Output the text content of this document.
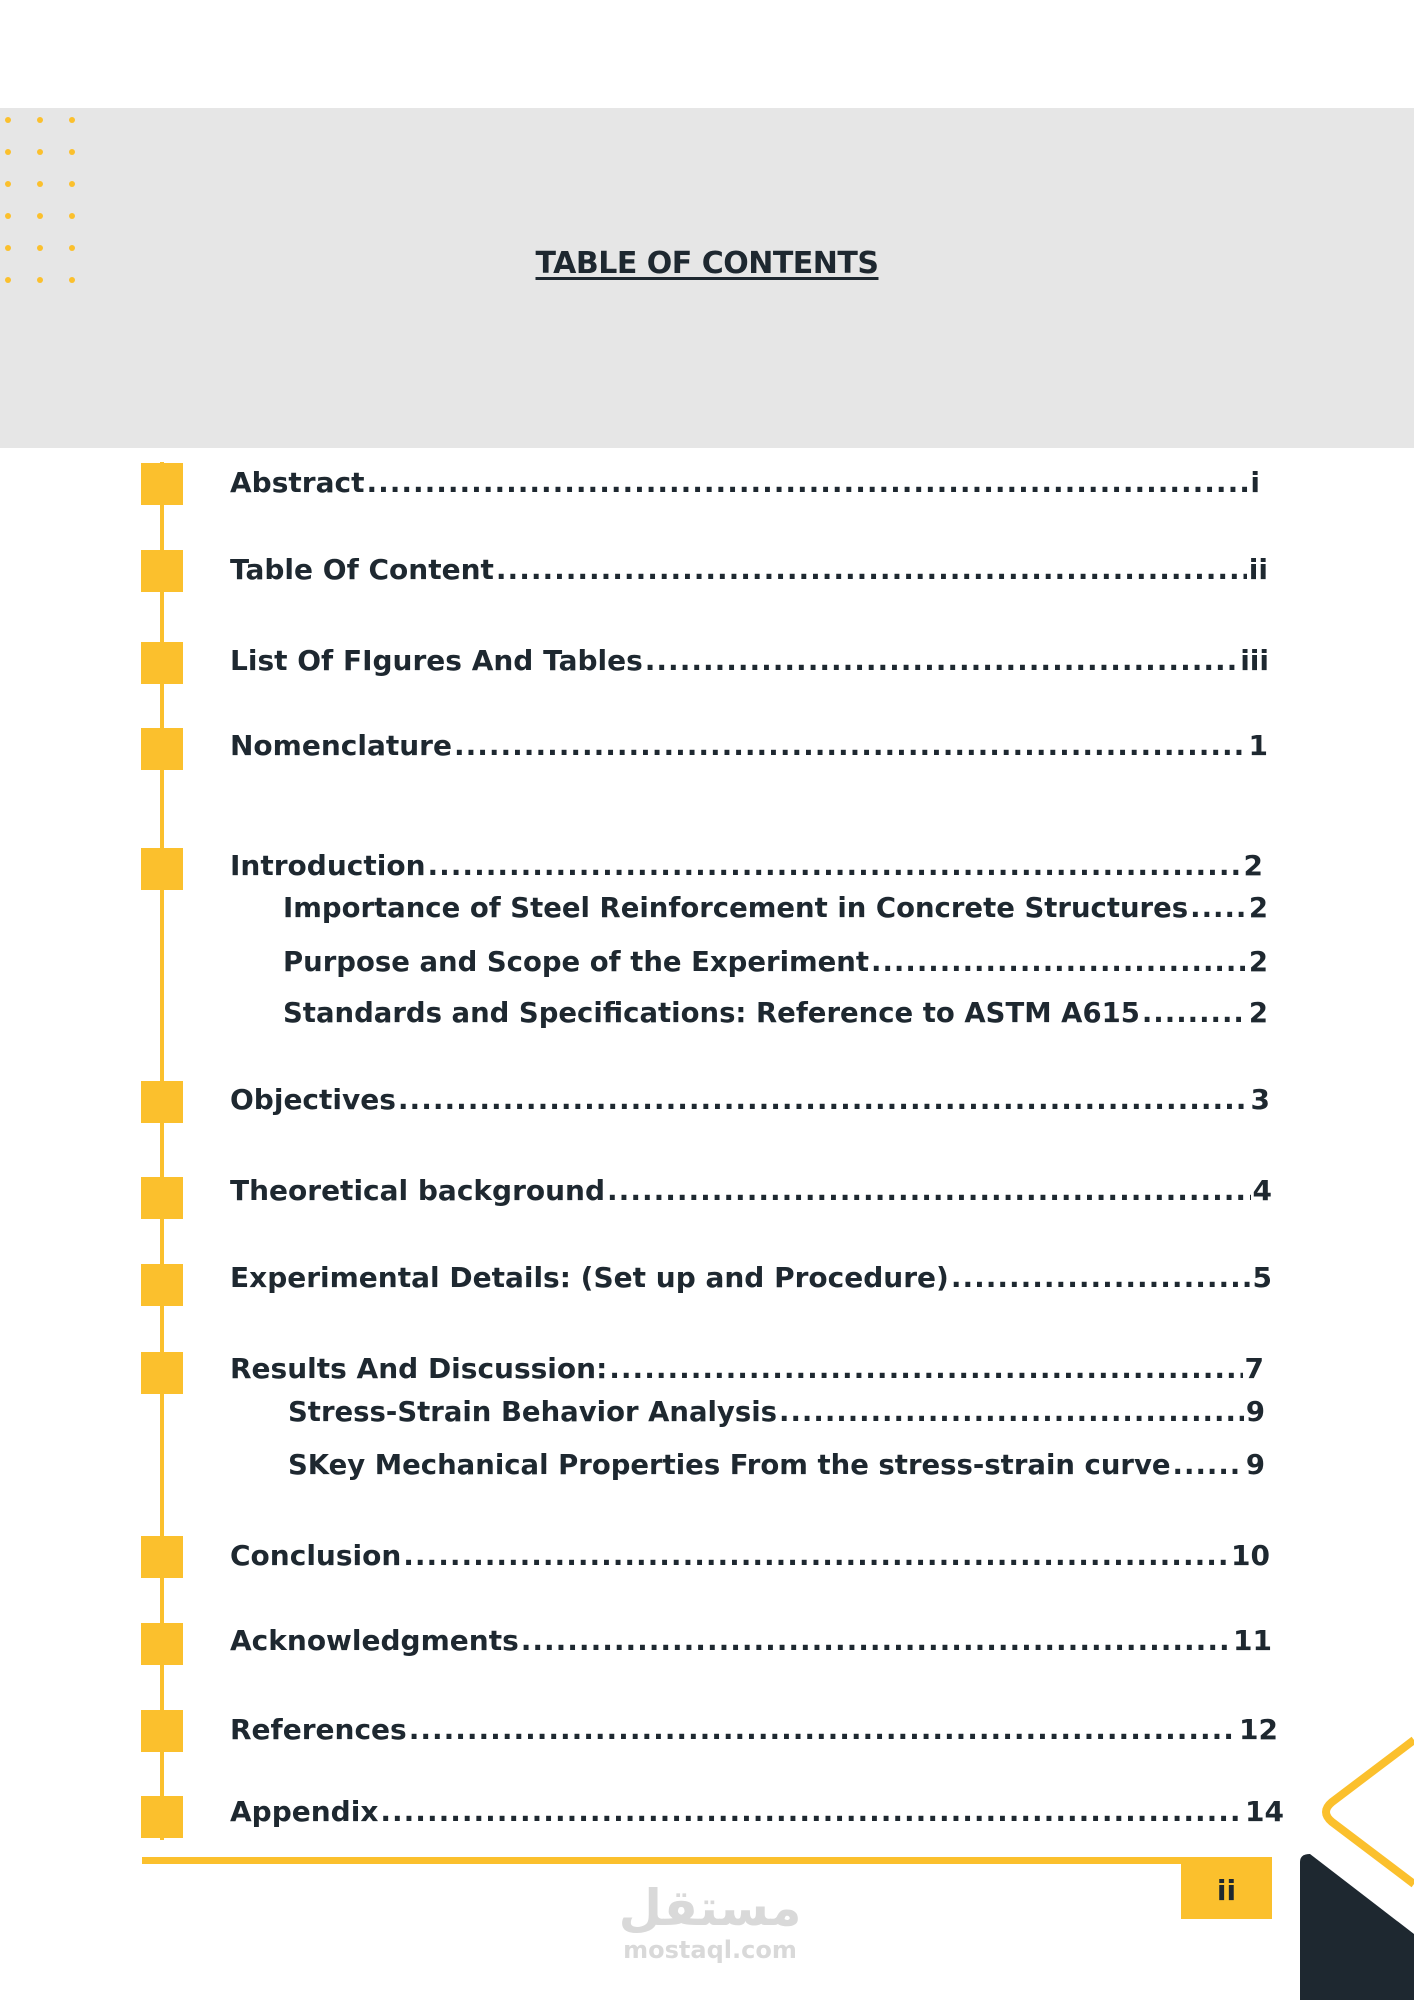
TABLE OF CONTENTS
Abstract .....	i
Table Of Content .....	ii
List Of FIgures And Tables .....	iii
Nomenclature .....	1
Introduction .....	2
Importance of Steel Reinforcement in Concrete Structures ..... 2
Purpose and Scope of the Experiment .....	2
Standards and Specifications: Reference to ASTM A615 .....	2
Objectives .....	3
Theoretical background .....	4
Experimental Details: (Set up and Procedure) .....	5
Results And Discussion: .....	7
Stress-Strain Behavior Analysis .....	9
SKey Mechanical Properties From the stress-strain curve .....	9
Conclusion .....	10
Acknowledgments .....	11
References .....	12
Appendix .....	14
ii
مستقل
mostaql.com
